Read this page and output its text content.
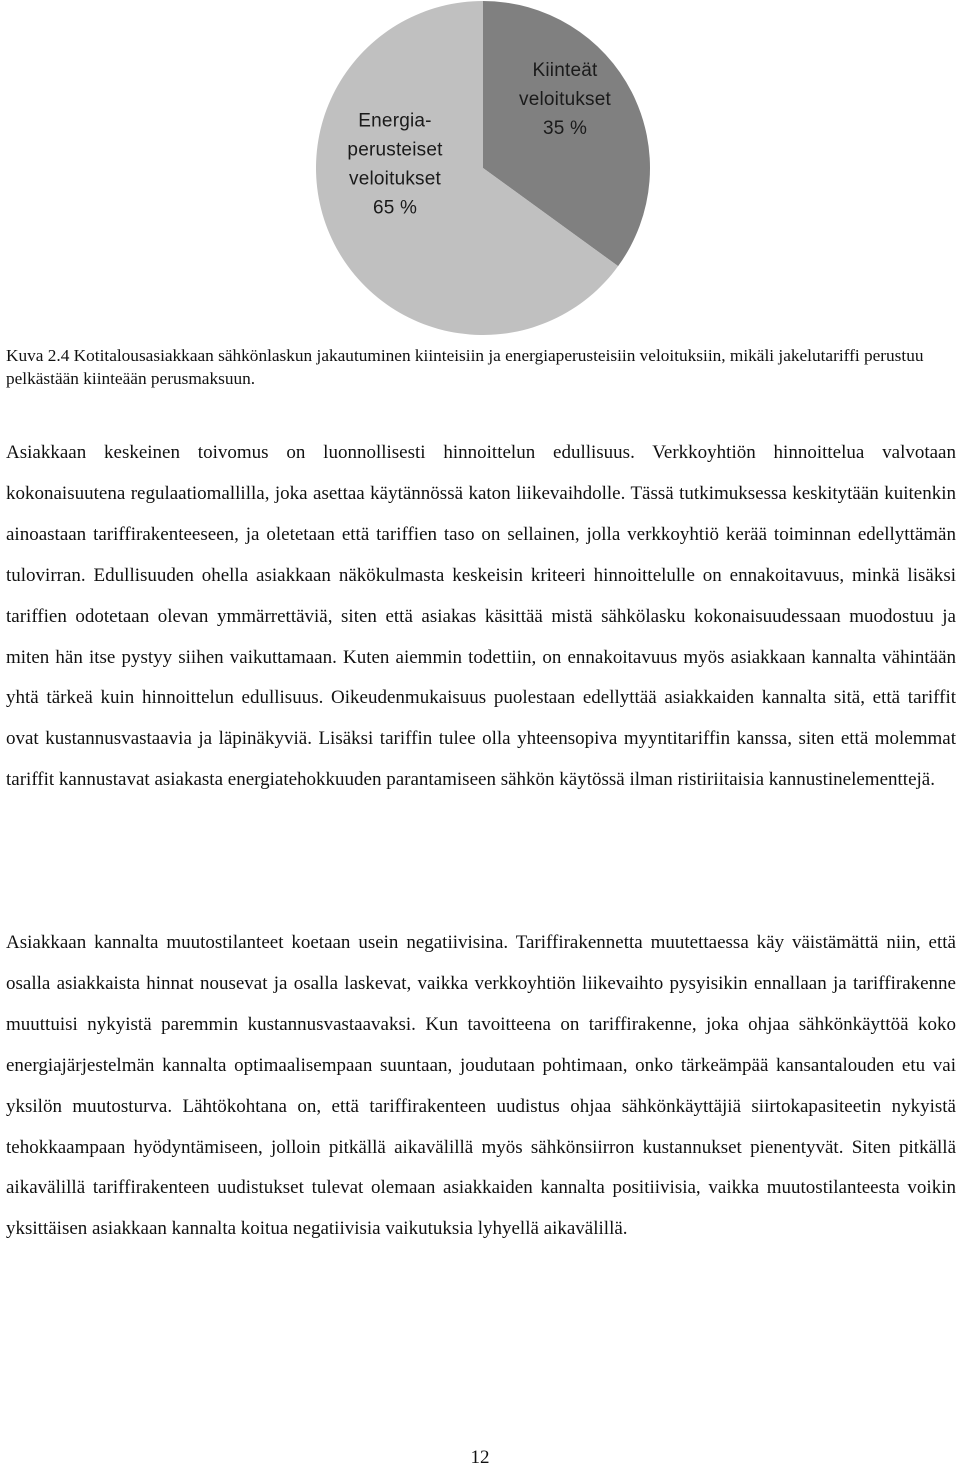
Kiinteät veloitukset 35 %
Energia-perusteiset veloitukset 65 %

Kuva 2.4 Kotitalousasiakkaan sähkönlaskun jakautuminen kiinteisiin ja energiaperusteisiin veloituksiin, mikäli jakelutariffi perustuu pelkästään kiinteään perusmaksuun.

Asiakkaan keskeinen toivomus on luonnollisesti hinnoittelun edullisuus. Verkkoyhtiön hinnoittelua valvotaan kokonaisuutena regulaatiomallilla, joka asettaa käytännössä katon liikevaihdolle. Tässä tutkimuksessa keskitytään kuitenkin ainoastaan tariffirakenteeseen, ja oletetaan että tariffien taso on sellainen, jolla verkkoyhtiö kerää toiminnan edellyttämän tulovirran. Edullisuuden ohella asiakkaan näkökulmasta keskeisin kriteeri hinnoittelulle on ennakoitavuus, minkä lisäksi tariffien odotetaan olevan ymmärrettäviä, siten että asiakas käsittää mistä sähkölasku kokonaisuudessaan muodostuu ja miten hän itse pystyy siihen vaikuttamaan. Kuten aiemmin todettiin, on ennakoitavuus myös asiakkaan kannalta vähintään yhtä tärkeä kuin hinnoittelun edullisuus. Oikeudenmukaisuus puolestaan edellyttää asiakkaiden kannalta sitä, että tariffit ovat kustannusvastaavia ja läpinäkyviä. Lisäksi tariffin tulee olla yhteensopiva myyntitariffin kanssa, siten että molemmat tariffit kannustavat asiakasta energiatehokkuuden parantamiseen sähkön käytössä ilman ristiriitaisia kannustinelementtejä.

Asiakkaan kannalta muutostilanteet koetaan usein negatiivisina. Tariffirakennetta muutettaessa käy väistämättä niin, että osalla asiakkaista hinnat nousevat ja osalla laskevat, vaikka verkkoyhtiön liikevaihto pysyisikin ennallaan ja tariffirakenne muuttuisi nykyistä paremmin kustannusvastaavaksi. Kun tavoitteena on tariffirakenne, joka ohjaa sähkönkäyttöä koko energiajärjestelmän kannalta optimaalisempaan suuntaan, joudutaan pohtimaan, onko tärkeämpää kansantalouden etu vai yksilön muutosturva. Lähtökohtana on, että tariffirakenteen uudistus ohjaa sähkönkäyttäjiä siirtokapasiteetin nykyistä tehokkaampaan hyödyntämiseen, jolloin pitkällä aikavälillä myös sähkönsiirron kustannukset pienentyvät. Siten pitkällä aikavälillä tariffirakenteen uudistukset tulevat olemaan asiakkaiden kannalta positiivisia, vaikka muutostilanteesta voikin yksittäisen asiakkaan kannalta koitua negatiivisia vaikutuksia lyhyellä aikavälillä.

12
